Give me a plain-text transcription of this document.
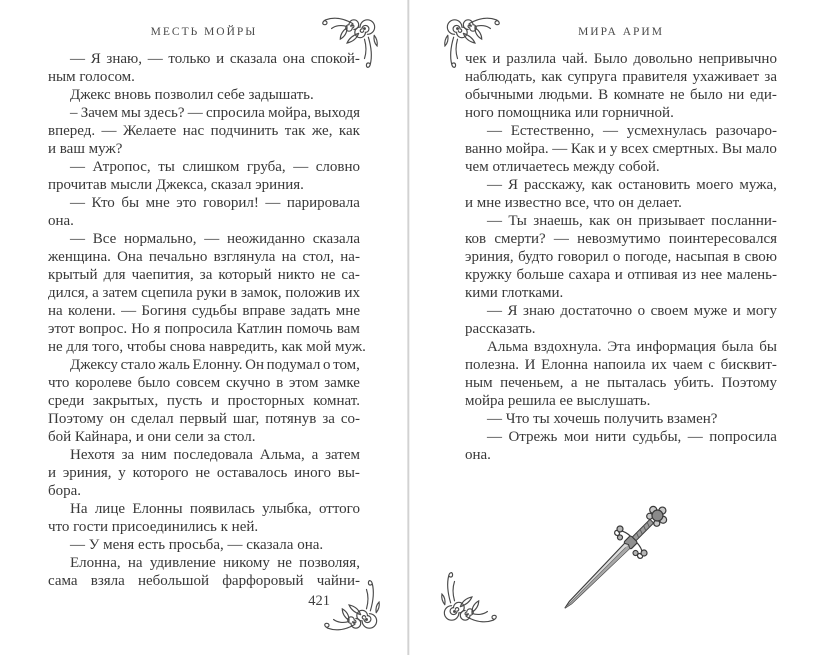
МЕСТЬ МОЙРЫ
— Я знаю, — только и сказала она спокой-
ным голосом.
Джекс вновь позволил себе задышать.
– Зачем мы здесь? — спросила мойра, выходя
вперед. — Желаете нас подчинить так же, как
и ваш муж?
— Атропос, ты слишком груба, — словно
прочитав мысли Джекса, сказал эриния.
— Кто бы мне это говорил! — парировала
она.
— Все нормально, — неожиданно сказала
женщина. Она печально взглянула на стол, на-
крытый для чаепития, за который никто не са-
дился, а затем сцепила руки в замок, положив их
на колени. — Богиня судьбы вправе задать мне
этот вопрос. Но я попросила Катлин помочь вам
не для того, чтобы снова навредить, как мой муж.
Джексу стало жаль Елонну. Он подумал о том,
что королеве было совсем скучно в этом замке
среди закрытых, пусть и просторных комнат.
Поэтому он сделал первый шаг, потянув за со-
бой Кайнара, и они сели за стол.
Нехотя за ним последовала Альма, а затем
и эриния, у которого не оставалось иного вы-
бора.
На лице Елонны появилась улыбка, оттого
что гости присоединились к ней.
— У меня есть просьба, — сказала она.
Елонна, на удивление никому не позволяя,
сама взяла небольшой фарфоровый чайни-
421
МИРА АРИМ
чек и разлила чай. Было довольно непривычно
наблюдать, как супруга правителя ухаживает за
обычными людьми. В комнате не было ни еди-
ного помощника или горничной.
— Естественно, — усмехнулась разочаро-
ванно мойра. — Как и у всех смертных. Вы мало
чем отличаетесь между собой.
— Я расскажу, как остановить моего мужа,
и мне известно все, что он делает.
— Ты знаешь, как он призывает посланни-
ков смерти? — невозмутимо поинтересовался
эриния, будто говорил о погоде, насыпая в свою
кружку больше сахара и отпивая из нее малень-
кими глотками.
— Я знаю достаточно о своем муже и могу
рассказать.
Альма вздохнула. Эта информация была бы
полезна. И Елонна напоила их чаем с бисквит-
ным печеньем, а не пыталась убить. Поэтому
мойра решила ее выслушать.
— Что ты хочешь получить взамен?
— Отрежь мои нити судьбы, — попросила
она.
